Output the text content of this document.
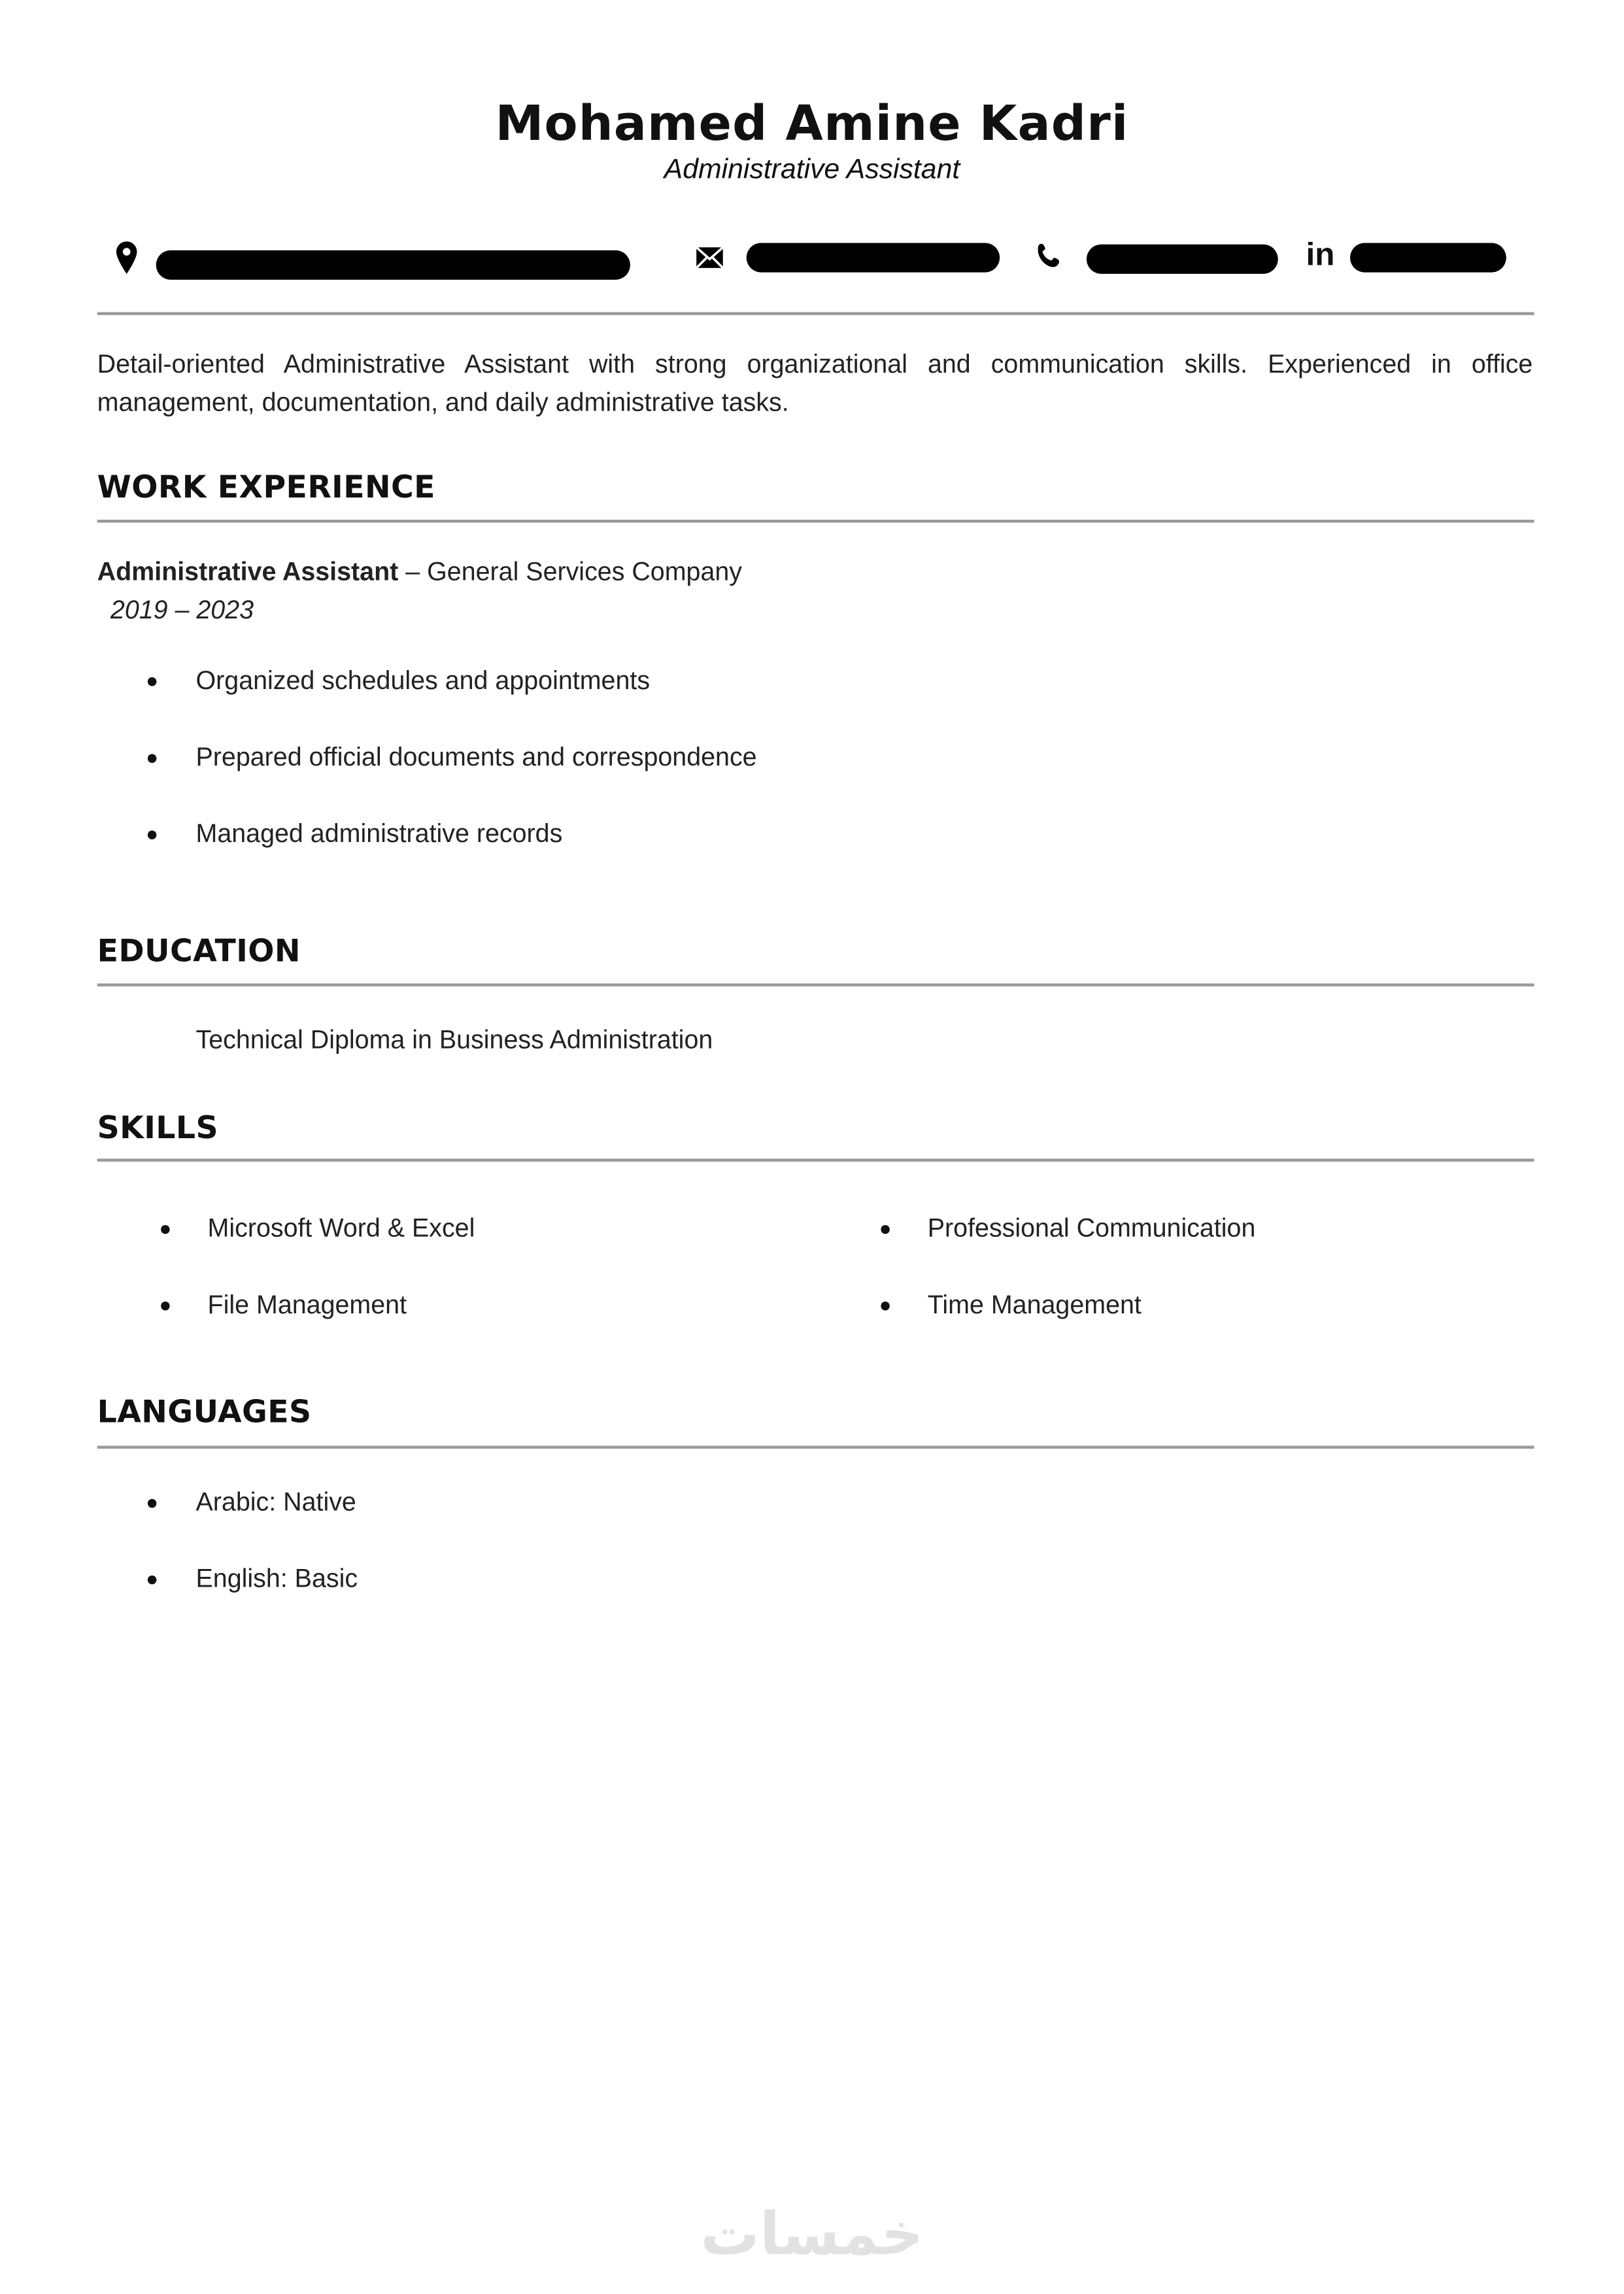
Mohamed Amine Kadri
Administrative Assistant
in
Detail-oriented Administrative Assistant with strong organizational and communication skills. Experienced in office management, documentation, and daily administrative tasks.
WORK EXPERIENCE
Administrative Assistant – General Services Company
2019 – 2023
●	Organized schedules and appointments
●	Prepared official documents and correspondence
●	Managed administrative records
EDUCATION
Technical Diploma in Business Administration
SKILLS
●	Microsoft Word & Excel	●	Professional Communication
●	File Management	●	Time Management
LANGUAGES
●	Arabic: Native
●	English: Basic
خمسات
